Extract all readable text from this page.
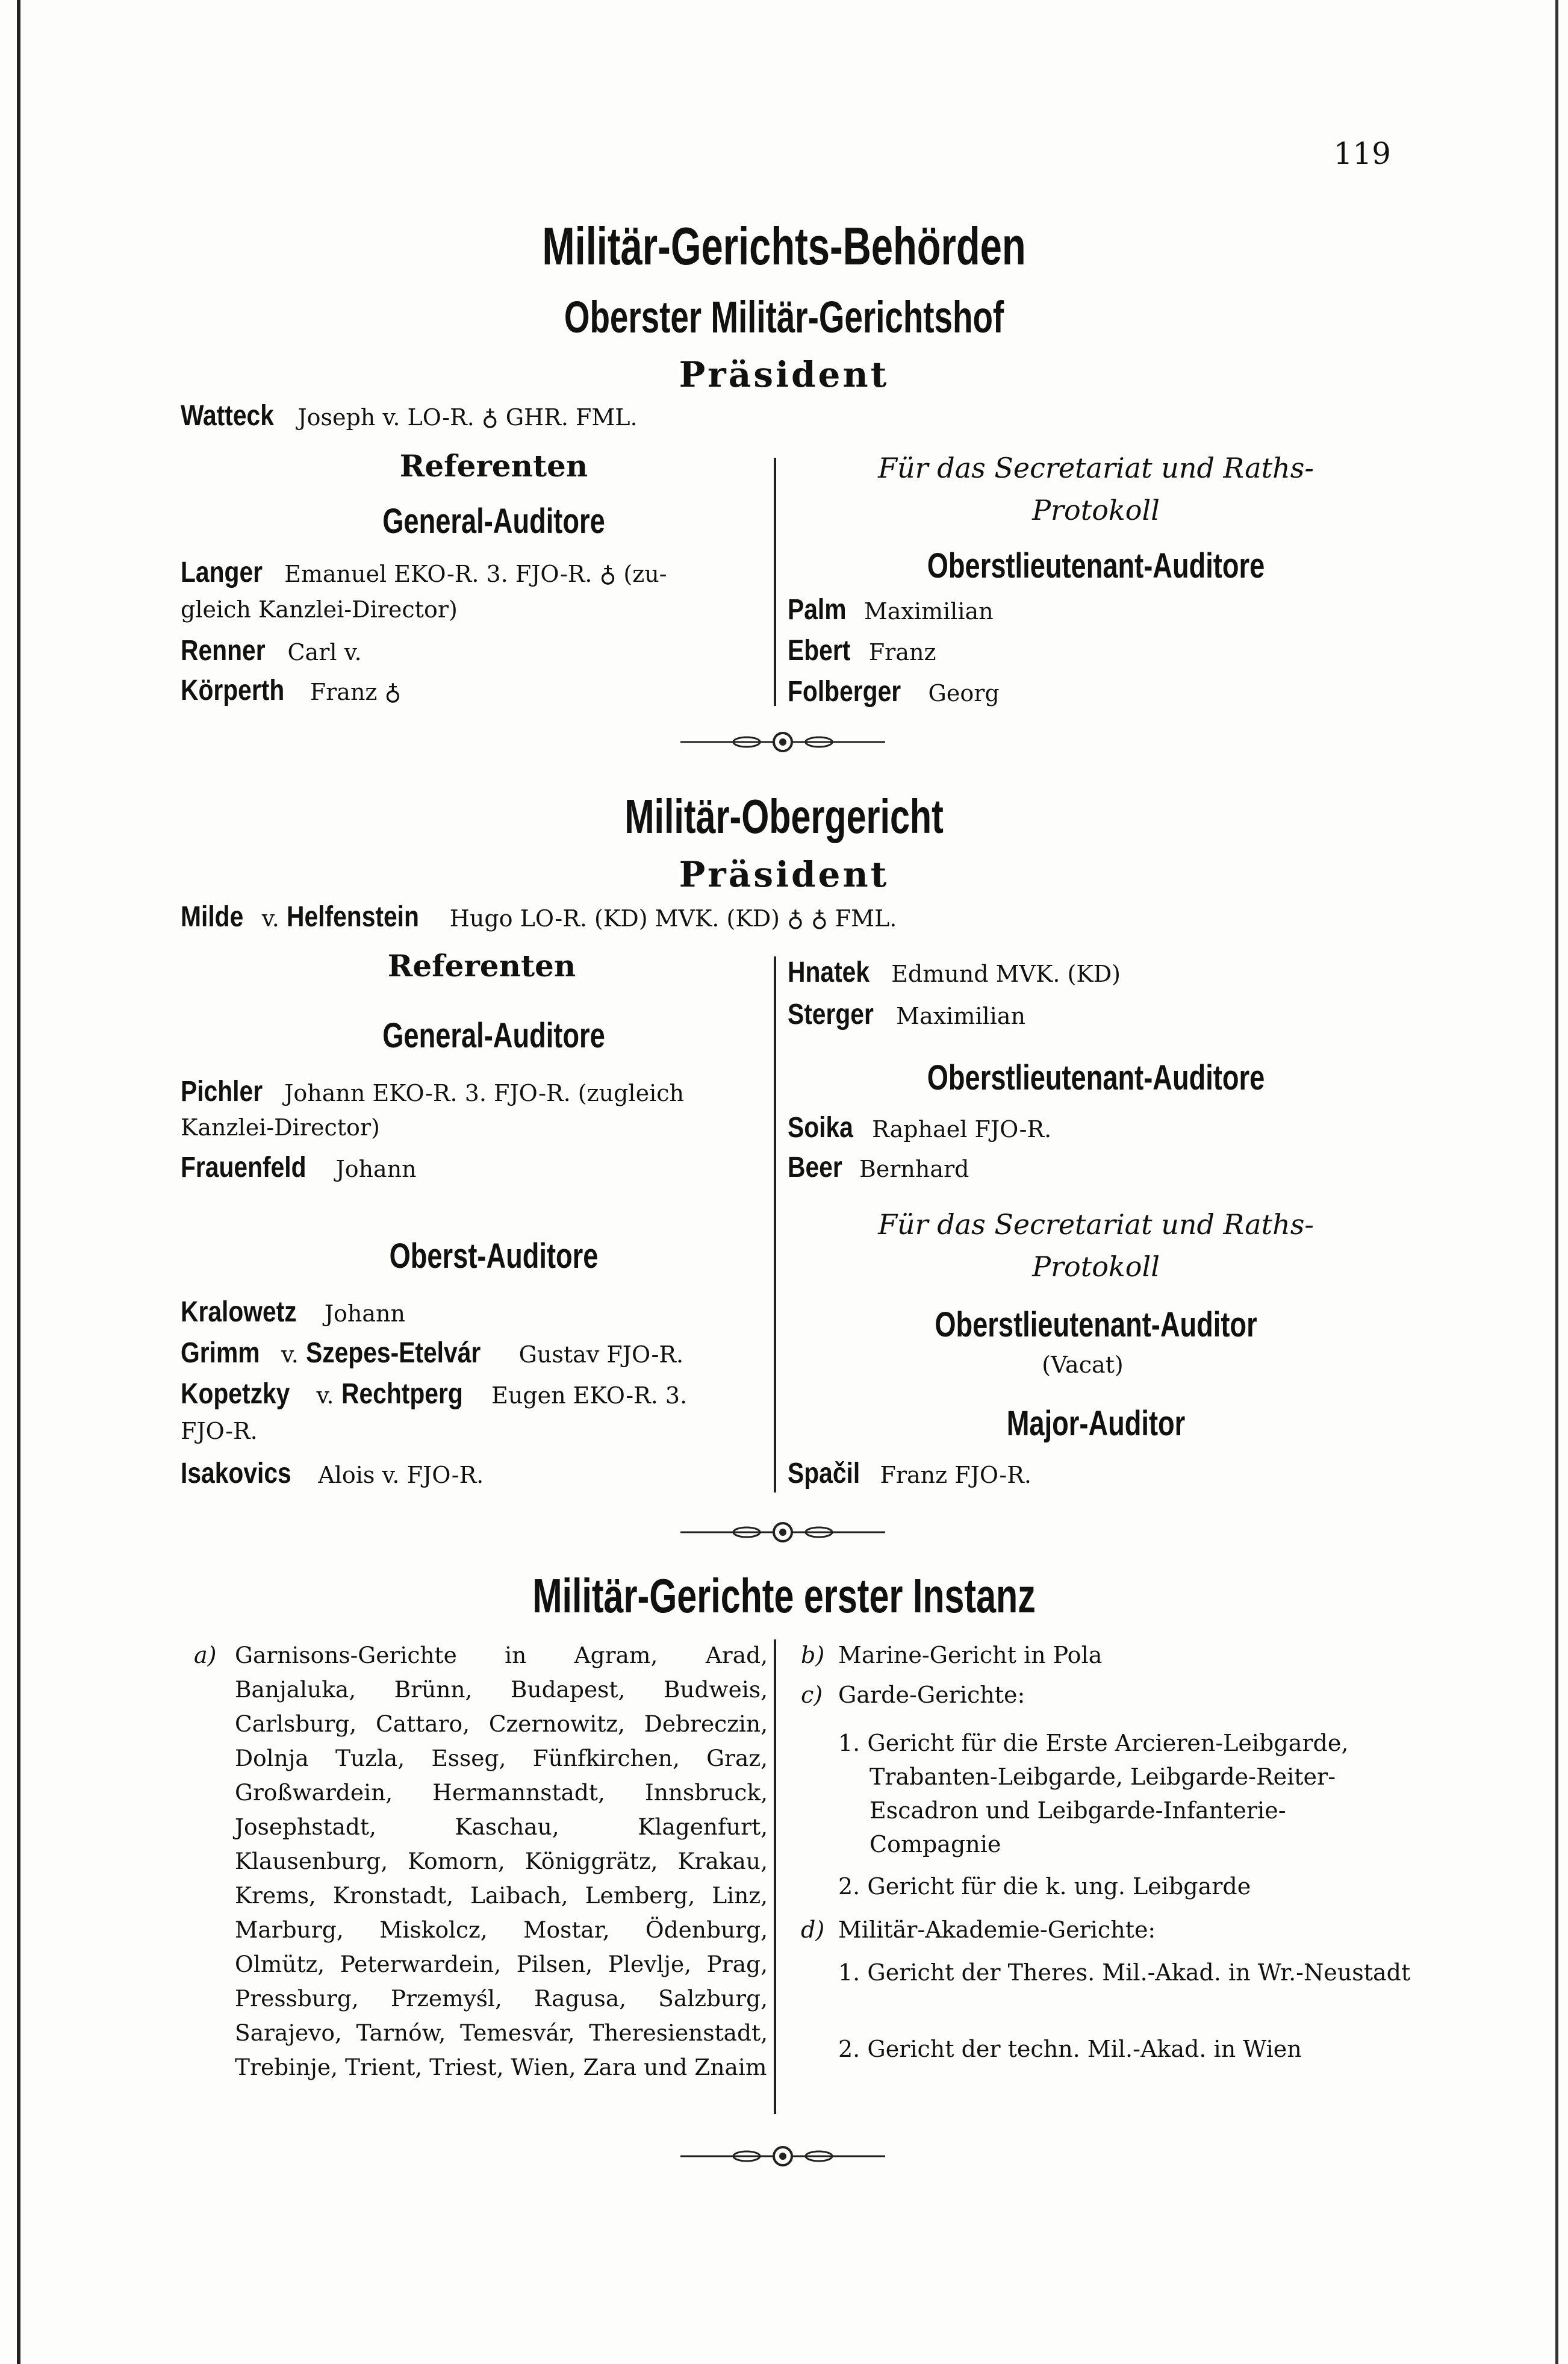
119
Militär-Gerichts-Behörden
Oberster Militär-Gerichtshof
Präsident
Watteck Joseph v. LO-R. ♁ GHR. FML.
Referenten
General-Auditore
Langer Emanuel EKO-R. 3. FJO-R. ♁ (zu-
gleich Kanzlei-Director)
Renner Carl v.
Körperth Franz ♁
Für das Secretariat und Raths-Protokoll
Oberstlieutenant-Auditore
Palm Maximilian
Ebert Franz
Folberger Georg
Militär-Obergericht
Präsident
Milde v. Helfenstein Hugo LO-R. (KD) MVK. (KD) ♁ ♁ FML.
Referenten
General-Auditore
Pichler Johann EKO-R. 3. FJO-R. (zugleich
Kanzlei-Director)
Frauenfeld Johann
Oberst-Auditore
Kralowetz Johann
Grimm v. Szepes-Etelvár Gustav FJO-R.
Kopetzky v. Rechtperg Eugen EKO-R. 3.
FJO-R.
Isakovics Alois v. FJO-R.
Hnatek Edmund MVK. (KD)
Sterger Maximilian
Oberstlieutenant-Auditore
Soika Raphael FJO-R.
Beer Bernhard
Für das Secretariat und Raths-Protokoll
Oberstlieutenant-Auditor
(Vacat)
Major-Auditor
Spačil Franz FJO-R.
Militär-Gerichte erster Instanz
a) Garnisons-Gerichte in Agram, Arad, Banjaluka, Brünn, Budapest, Budweis, Carlsburg, Cattaro, Czernowitz, Debreczin, Dolnja Tuzla, Esseg, Fünfkirchen, Graz, Großwardein, Hermannstadt, Innsbruck, Josephstadt, Kaschau, Klagenfurt, Klausenburg, Komorn, Königgrätz, Krakau, Krems, Kronstadt, Laibach, Lemberg, Linz, Marburg, Miskolcz, Mostar, Ödenburg, Olmütz, Peterwardein, Pilsen, Plevlje, Prag, Pressburg, Przemyśl, Ragusa, Salzburg, Sarajevo, Tarnów, Temesvár, Theresienstadt, Trebinje, Trient, Triest, Wien, Zara und Znaim
b) Marine-Gericht in Pola
c) Garde-Gerichte:
1. Gericht für die Erste Arcieren-Leibgarde, Trabanten-Leibgarde, Leibgarde-Reiter-Escadron und Leibgarde-Infanterie-Compagnie
2. Gericht für die k. ung. Leibgarde
d) Militär-Akademie-Gerichte:
1. Gericht der Theres. Mil.-Akad. in Wr.-Neustadt
2. Gericht der techn. Mil.-Akad. in Wien
